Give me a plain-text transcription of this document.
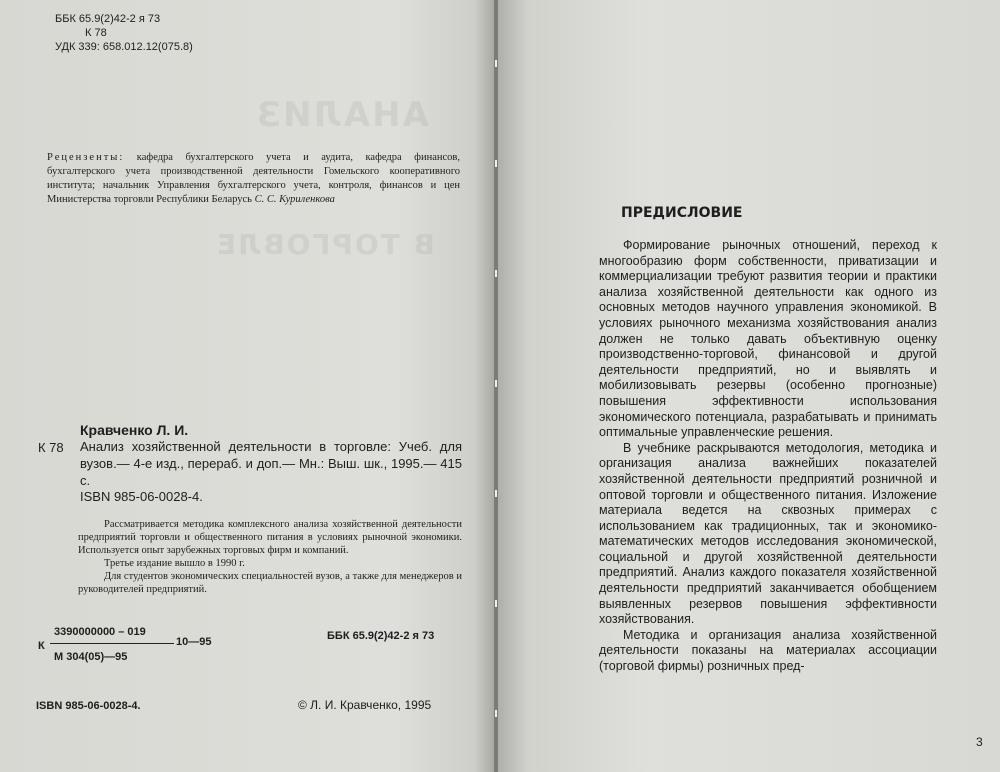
АНАЛИЗ
В ТОРГОВЛЕ
ББК 65.9(2)42-2 я 73
К 78
УДК 339: 658.012.12(075.8)
Рецензенты: кафедра бухгалтерского учета и аудита, кафедра финансов, бухгалтерского учета производственной деятельности Гомельского кооперативного института; начальник Управления бухгалтерского учета, контроля, финансов и цен Министерства торговли Республики Беларусь С. С. Куриленкова
Кравченко Л. И.
К 78 Анализ хозяйственной деятельности в торговле: Учеб. для вузов.— 4-е изд., перераб. и доп.— Мн.: Выш. шк., 1995.— 415 с.
ISBN 985-06-0028-4.

Рассматривается методика комплексного анализа хозяйственной деятельности предприятий торговли и общественного питания в условиях рыночной экономики. Используется опыт зарубежных торговых фирм и компаний.

Третье издание вышло в 1990 г.

Для студентов экономических специальностей вузов, а также для менеджеров и руководителей предприятий.

3390000000 – 019
К	10—95
М 304(05)—95
ББК 65.9(2)42-2 я 73
ISBN 985-06-0028-4.	© Л. И. Кравченко, 1995
ПРЕДИСЛОВИЕ

Формирование рыночных отношений, переход к многообразию форм собственности, приватизации и коммерциализации требуют развития теории и практики анализа хозяйственной деятельности как одного из основных методов научного управления экономикой. В условиях рыночного механизма хозяйствования анализ должен не только давать объективную оценку производственно-торговой, финансовой и другой деятельности предприятий, но и выявлять и мобилизовывать резервы (особенно прогнозные) повышения эффективности использования экономического потенциала, разрабатывать и принимать оптимальные управленческие решения.

В учебнике раскрываются методология, методика и организация анализа важнейших показателей хозяйственной деятельности предприятий розничной и оптовой торговли и общественного питания. Изложение материала ведется на сквозных примерах с использованием как традиционных, так и экономико-математических методов исследования экономической, социальной и другой хозяйственной деятельности предприятий. Анализ каждого показателя хозяйственной деятельности предприятий заканчивается обобщением выявленных резервов повышения эффективности хозяйствования.

Методика и организация анализа хозяйственной деятельности показаны на материалах ассоциации (торговой фирмы) розничных пред-

3
